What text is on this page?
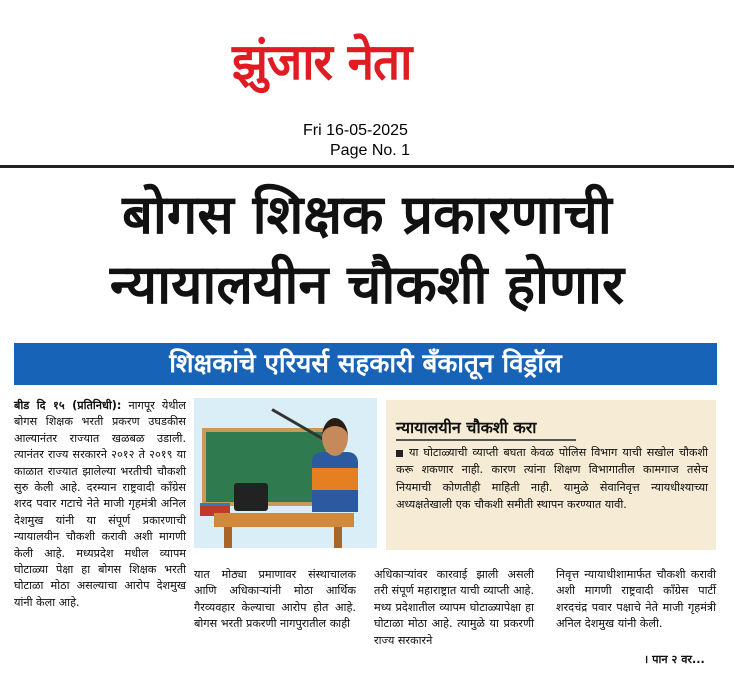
झुंजार नेता
Fri 16-05-2025
Page No. 1
बोगस शिक्षक प्रकारणाची
न्यायालयीन चौकशी होणार
शिक्षकांचे एरियर्स सहकारी बँकातून विड्रॉल
बीड दि १५ (प्रतिनिधी): नागपूर येथील बोगस शिक्षक भरती प्रकरण उघडकीस आल्यानंतर राज्यात खळबळ उडाली. त्यानंतर राज्य सरकारने २०१२ ते २०१९ या काळात राज्यात झालेल्या भरतीची चौकशी सुरु केली आहे. दरम्यान राष्ट्रवादी कॉंग्रेस शरद पवार गटाचे नेते माजी गृहमंत्री अनिल देशमुख यांनी या संपूर्ण प्रकारणाची न्यायालयीन चौकशी करावी अशी मागणी केली आहे. मध्यप्रदेश मधील व्यापम घोटाळ्या पेक्षा हा बोगस शिक्षक भरती घोटाळा मोठा असल्याचा आरोप देशमुख यांनी केला आहे.
न्यायालयीन चौकशी करा
या घोटाळ्याची व्याप्ती बघता केवळ पोलिस विभाग याची सखोल चौकशी करू शकणार नाही. कारण त्यांना शिक्षण विभागातील कामगाज तसेच नियमाची कोणतीही माहिती नाही. यामुळे सेवानिवृत्त न्यायधीश्याच्या अध्यक्षतेखाली एक चौकशी समीती स्थापन करण्यात यावी.
यात मोठ्या प्रमाणावर संस्थाचालक आणि अधिकाऱ्यांनी मोठा आर्थिक गैरव्यवहार केल्याचा आरोप होत आहे. बोगस भरती प्रकरणी नागपुरातील काही
अधिकाऱ्यांवर कारवाई झाली असली तरी संपूर्ण महाराष्ट्रात याची व्याप्ती आहे. मध्य प्रदेशातील व्यापम घोटाळ्यापेक्षा हा घोटाळा मोठा आहे. त्यामुळे या प्रकरणी राज्य सरकारने
निवृत्त न्यायाधीशामार्फत चौकशी करावी अशी मागणी राष्ट्रवादी कॉंग्रेस पार्टी शरदचंद्र पवार पक्षाचे नेते माजी गृहमंत्री अनिल देशमुख यांनी केली.
। पान २ वर...
